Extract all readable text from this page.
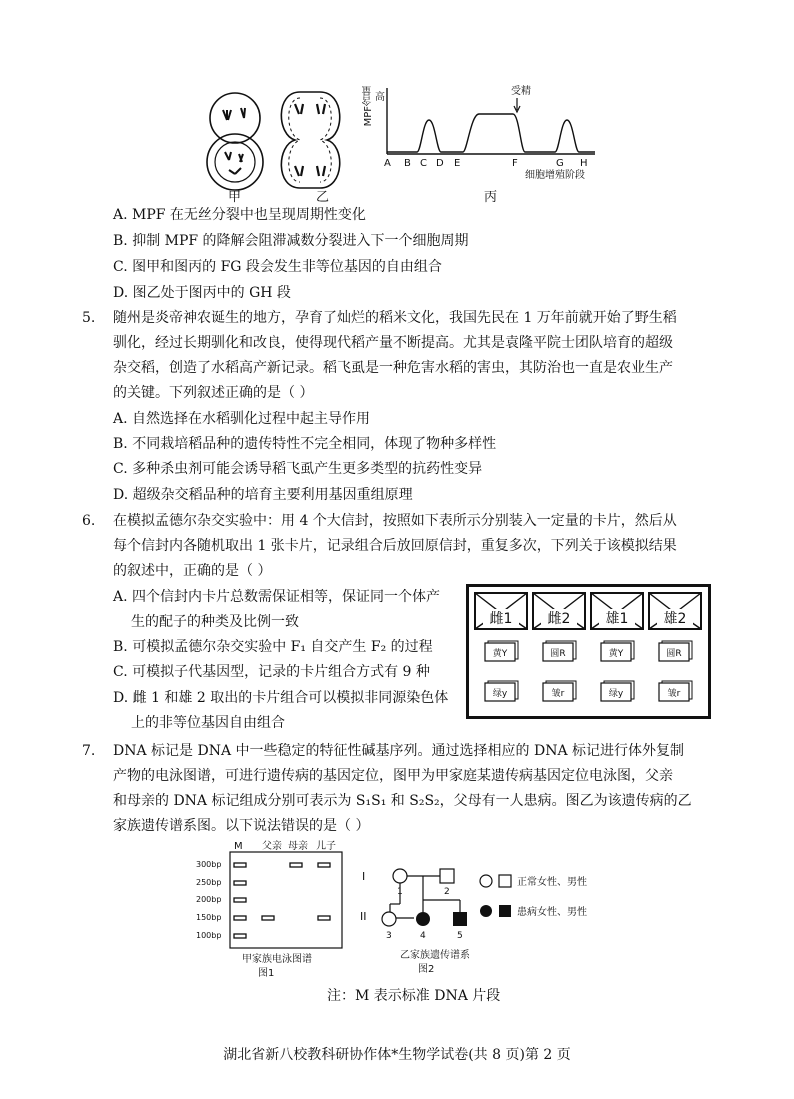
高
受精
A B C D E	F	G H
细胞增殖阶段
MPF含量
甲	乙	丙
A. MPF 在无丝分裂中也呈现周期性变化
B. 抑制 MPF 的降解会阻滞减数分裂进入下一个细胞周期
C. 图甲和图丙的 FG 段会发生非等位基因的自由组合
D. 图乙处于图丙中的 GH 段
5. 随州是炎帝神农诞生的地方，孕育了灿烂的稻米文化，我国先民在 1 万年前就开始了野生稻
驯化，经过长期驯化和改良，使得现代稻产量不断提高。尤其是袁隆平院士团队培育的超级
杂交稻，创造了水稻高产新记录。稻飞虱是一种危害水稻的害虫，其防治也一直是农业生产
的关键。下列叙述正确的是（ ）
A. 自然选择在水稻驯化过程中起主导作用
B. 不同栽培稻品种的遗传特性不完全相同，体现了物种多样性
C. 多种杀虫剂可能会诱导稻飞虱产生更多类型的抗药性变异
D. 超级杂交稻品种的培育主要利用基因重组原理
6. 在模拟孟德尔杂交实验中：用 4 个大信封，按照如下表所示分别装入一定量的卡片，然后从
每个信封内各随机取出 1 张卡片，记录组合后放回原信封，重复多次，下列关于该模拟结果
的叙述中，正确的是（ ）
A. 四个信封内卡片总数需保证相等，保证同一个体产
生的配子的种类及比例一致
B. 可模拟孟德尔杂交实验中 F₁ 自交产生 F₂ 的过程
C. 可模拟子代基因型，记录的卡片组合方式有 9 种
D. 雌 1 和雄 2 取出的卡片组合可以模拟非同源染色体
上的非等位基因自由组合
雌1
黄Y
绿y
雌2
圆R
皱r
雄1
黄Y
绿y
雄2
圆R
皱r
7. DNA 标记是 DNA 中一些稳定的特征性碱基序列。通过选择相应的 DNA 标记进行体外复制
产物的电泳图谱，可进行遗传病的基因定位，图甲为甲家庭某遗传病基因定位电泳图，父亲
和母亲的 DNA 标记组成分别可表示为 S₁S₁ 和 S₂S₂，父母有一人患病。图乙为该遗传病的乙
家族遗传谱系图。以下说法错误的是（ ）
M 父亲 母亲 儿子
300bp
250bp
200bp
150bp
100bp
甲家族电泳图谱
图1
I
II
1	2
3	4	5
正常女性、男性
患病女性、男性
乙家族遗传谱系
图2
注：M 表示标准 DNA 片段
湖北省新八校教科研协作体*生物学试卷(共 8 页)第 2 页
